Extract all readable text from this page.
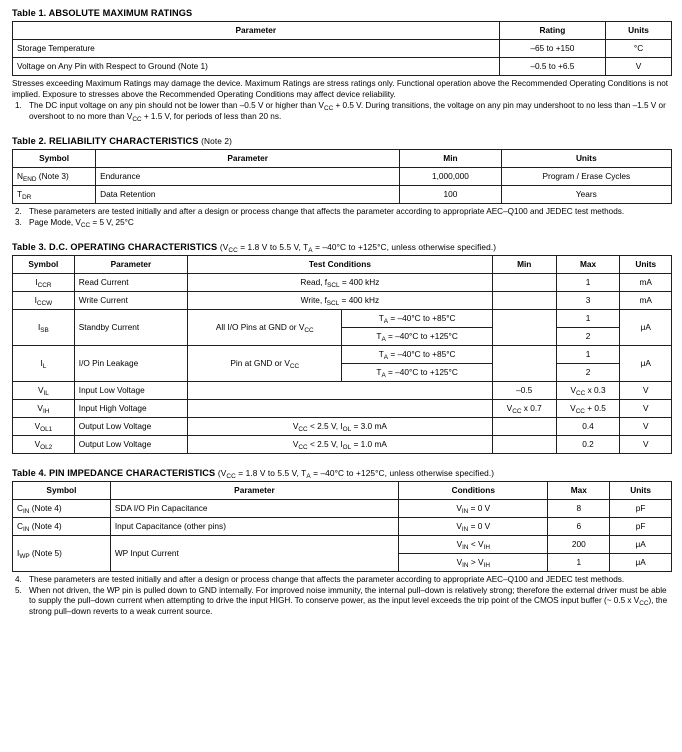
Table 1. ABSOLUTE MAXIMUM RATINGS
Parameter	Rating	Units
Storage Temperature	–65 to +150	°C
Voltage on Any Pin with Respect to Ground (Note 1)	–0.5 to +6.5	V

Stresses exceeding Maximum Ratings may damage the device. Maximum Ratings are stress ratings only. Functional operation above the Recommended Operating Conditions is not implied. Exposure to stresses above the Recommended Operating Conditions may affect device reliability.

1. The DC input voltage on any pin should not be lower than –0.5 V or higher than $V_{CC} + 0.5$ V. During transitions, the voltage on any pin may undershoot to no less than –1.5 V or overshoot to no more than $V_{CC} + 1.5$ V, for periods of less than 20 ns.
Table 2. RELIABILITY CHARACTERISTICS (Note 2)
Symbol	Parameter	Min	Units
$N_{END}$ (Note 3)	Endurance	1,000,000	Program / Erase Cycles
$T_{DR}$	Data Retention	100	Years
2. These parameters are tested initially and after a design or process change that affects the parameter according to appropriate AEC–Q100 and JEDEC test methods.
3. Page Mode, $V_{CC} = 5$ V, 25°C
Table 3. D.C. OPERATING CHARACTERISTICS ($V_{CC} = 1.8$ V to 5.5 V, $T_A = -40^\circ C$ to +125°C, unless otherwise specified.)
Symbol	Parameter	Test Conditions		Min	Max	Units
$I_{CCR}$	Read Current	Read, $f_{SCL} = 400$ kHz			1	mA
$I_{CCW}$	Write Current	Write, $f_{SCL} = 400$ kHz			3	mA
$I_{SB}$	Standby Current	All I/O Pins at GND or $V_{CC}$	$T_A = -40^\circ C$ to +85°C		1	μA
			$T_A = -40^\circ C$ to +125°C		2	
$I_L$	I/O Pin Leakage	Pin at GND or $V_{CC}$	$T_A = -40^\circ C$ to +85°C		1	μA
			$T_A = -40^\circ C$ to +125°C		2	
$V_{IL}$	Input Low Voltage			–0.5	$V_{CC}$ x 0.3	V
$V_{IH}$	Input High Voltage			$V_{CC}$ x 0.7	$V_{CC} + 0.5$	V
$V_{OL1}$	Output Low Voltage	$V_{CC} < 2.5$ V, $I_{OL} = 3.0$ mA			0.4	V
$V_{OL2}$	Output Low Voltage	$V_{CC} < 2.5$ V, $I_{OL} = 1.0$ mA			0.2	V
Table 4. PIN IMPEDANCE CHARACTERISTICS ($V_{CC} = 1.8$ V to 5.5 V, $T_A = -40^\circ C$ to +125°C, unless otherwise specified.)
Symbol	Parameter	Conditions	Max	Units
$C_{IN}$ (Note 4)	SDA I/O Pin Capacitance	$V_{IN} = 0$ V	8	pF
$C_{IN}$ (Note 4)	Input Capacitance (other pins)	$V_{IN} = 0$ V	6	pF
$I_{WP}$ (Note 5)	WP Input Current	$V_{IN} < V_{IH}$	200	μA
		$V_{IN} > V_{IH}$	1	μA
4. These parameters are tested initially and after a design or process change that affects the parameter according to appropriate AEC–Q100 and JEDEC test methods.
5. When not driven, the WP pin is pulled down to GND internally. For improved noise immunity, the internal pull–down is relatively strong; therefore the external driver must be able to supply the pull–down current when attempting to drive the input HIGH. To conserve power, as the input level exceeds the trip point of the CMOS input buffer (~ 0.5 x $V_{CC}$), the strong pull–down reverts to a weak current source.
